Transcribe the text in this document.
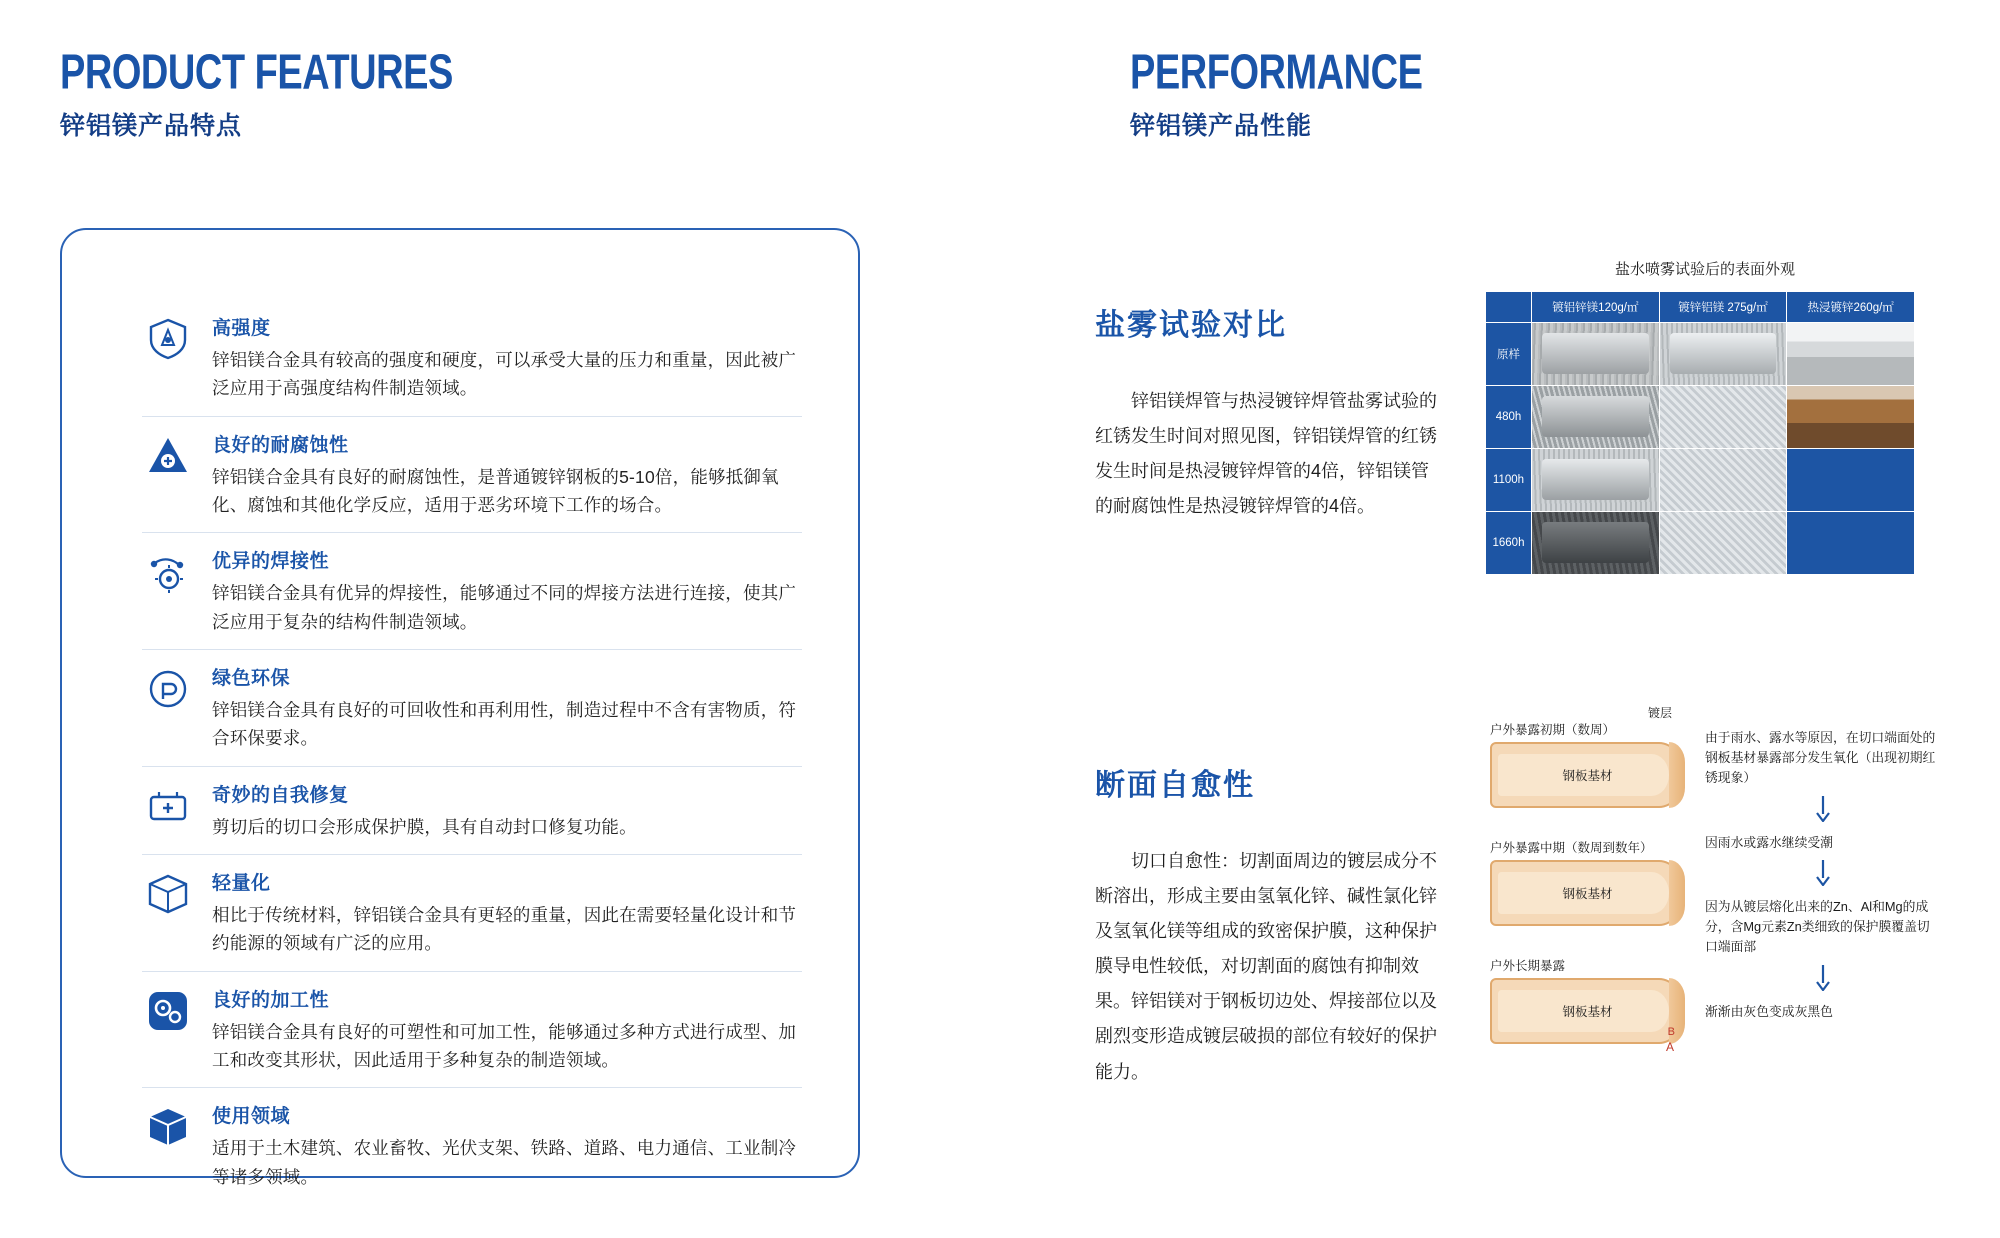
PRODUCT FEATURES
锌铝镁产品特点
高强度
锌铝镁合金具有较高的强度和硬度，可以承受大量的压力和重量，因此被广泛应用于高强度结构件制造领域。
良好的耐腐蚀性
锌铝镁合金具有良好的耐腐蚀性，是普通镀锌钢板的5-10倍，能够抵御氧化、腐蚀和其他化学反应，适用于恶劣环境下工作的场合。
优异的焊接性
锌铝镁合金具有优异的焊接性，能够通过不同的焊接方法进行连接，使其广泛应用于复杂的结构件制造领域。
绿色环保
锌铝镁合金具有良好的可回收性和再利用性，制造过程中不含有害物质，符合环保要求。
奇妙的自我修复
剪切后的切口会形成保护膜，具有自动封口修复功能。
轻量化
相比于传统材料，锌铝镁合金具有更轻的重量，因此在需要轻量化设计和节约能源的领域有广泛的应用。
良好的加工性
锌铝镁合金具有良好的可塑性和可加工性，能够通过多种方式进行成型、加工和改变其形状，因此适用于多种复杂的制造领域。
使用领域
适用于土木建筑、农业畜牧、光伏支架、铁路、道路、电力通信、工业制冷等诸多领域。
PERFORMANCE
锌铝镁产品性能
盐雾试验对比
锌铝镁焊管与热浸镀锌焊管盐雾试验的红锈发生时间对照见图，锌铝镁焊管的红锈发生时间是热浸镀锌焊管的4倍，锌铝镁管的耐腐蚀性是热浸镀锌焊管的4倍。
盐水喷雾试验后的表面外观
	镀铝锌镁120g/㎡	镀锌铝镁 275g/㎡	热浸镀锌260g/㎡
原样	

480h	

1100h	

1660h	

断面自愈性
切口自愈性：切割面周边的镀层成分不断溶出，形成主要由氢氧化锌、碱性氯化锌及氢氧化镁等组成的致密保护膜，这种保护膜导电性较低，对切割面的腐蚀有抑制效果。锌铝镁对于钢板切边处、焊接部位以及剧烈变形造成镀层破损的部位有较好的保护能力。
户外暴露初期（数周）
钢板基材
镀层
户外暴露中期（数周到数年）
钢板基材
户外长期暴露
钢板基材
B
A
由于雨水、露水等原因，在切口端面处的钢板基材暴露部分发生氧化（出现初期红锈现象）
因雨水或露水继续受潮
因为从镀层熔化出来的Zn、Al和Mg的成分，含Mg元素Zn类细致的保护膜覆盖切口端面部
渐渐由灰色变成灰黑色
